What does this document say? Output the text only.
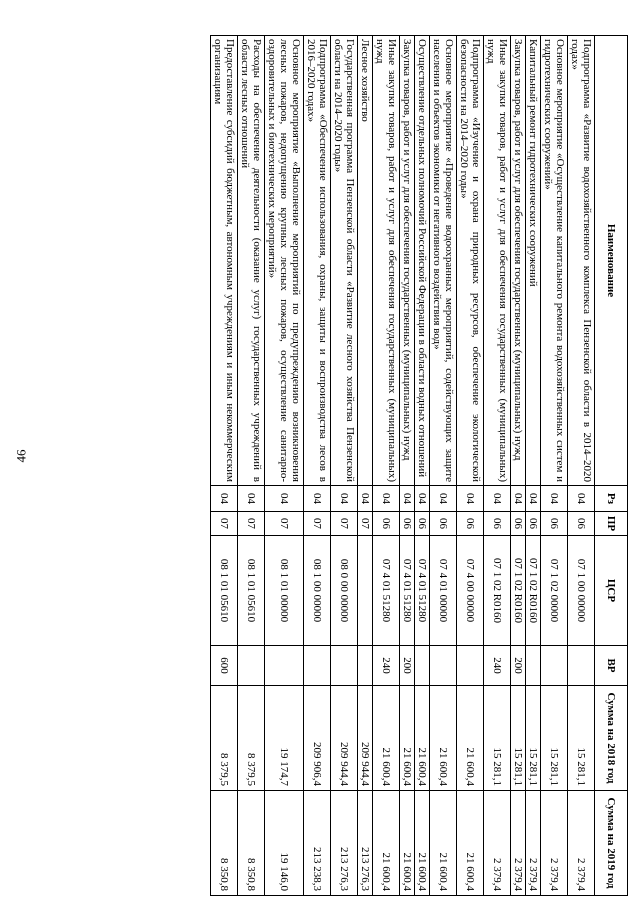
46
Наименование	Рз	ПР	ЦСР	ВР	Сумма на 2018 год	Сумма на 2019 год
Подпрограмма «Развитие водохозяйственного комплекса Пензенской области в 2014–2020 годах»	04	06	07 1 00 00000		15 281,1	2 379,4
Основное мероприятие «Осуществление капитального ремонта водохозяйственных систем и гидротехнических сооружений»	04	06	07 1 02 00000		15 281,1	2 379,4
Капитальный ремонт гидротехнических сооружений	04	06	07 1 02 R0160		15 281,1	2 379,4
Закупка товаров, работ и услуг для обеспечения государственных (муниципальных) нужд	04	06	07 1 02 R0160	200	15 281,1	2 379,4
Иные закупки товаров, работ и услуг для обеспечения государственных (муниципальных) нужд	04	06	07 1 02 R0160	240	15 281,1	2 379,4
Подпрограмма «Изучение и охрана природных ресурсов, обеспечение экологической безопасности на 2014–2020 годы»	04	06	07 4 00 00000		21 600,4	21 600,4
Основное мероприятие «Проведение водоохранных мероприятий, содействующих защите населения и объектов экономики от негативного воздействия вод»	04	06	07 4 01 00000		21 600,4	21 600,4
Осуществление отдельных полномочий Российской Федерации в области водных отношений	04	06	07 4 01 51280		21 600,4	21 600,4
Закупка товаров, работ и услуг для обеспечения государственных (муниципальных) нужд	04	06	07 4 01 51280	200	21 600,4	21 600,4
Иные закупки товаров, работ и услуг для обеспечения государственных (муниципальных) нужд	04	06	07 4 01 51280	240	21 600,4	21 600,4
Лесное хозяйство	04	07			209 944,4	213 276,3
Государственная программа Пензенской области «Развитие лесного хозяйства Пензенской области на 2014–2020 годы»	04	07	08 0 00 00000		209 944,4	213 276,3
Подпрограмма «Обеспечение использования, охраны, защиты и воспроизводства лесов в 2016–2020 годах»	04	07	08 1 00 00000		209 906,4	213 238,3
Основное мероприятие «Выполнение мероприятий по предупреждению возникновения лесных пожаров, недопущению крупных лесных пожаров, осуществление санитарно-оздоровительных и биотехнических мероприятий»	04	07	08 1 01 00000		19 174,7	19 146,0
Расходы на обеспечение деятельности (оказание услуг) государственных учреждений в области лесных отношений	04	07	08 1 01 05610		8 379,5	8 350,8
Предоставление субсидий бюджетным, автономным учреждениям и иным некоммерческим организациям	04	07	08 1 01 05610	600	8 379,5	8 350,8
